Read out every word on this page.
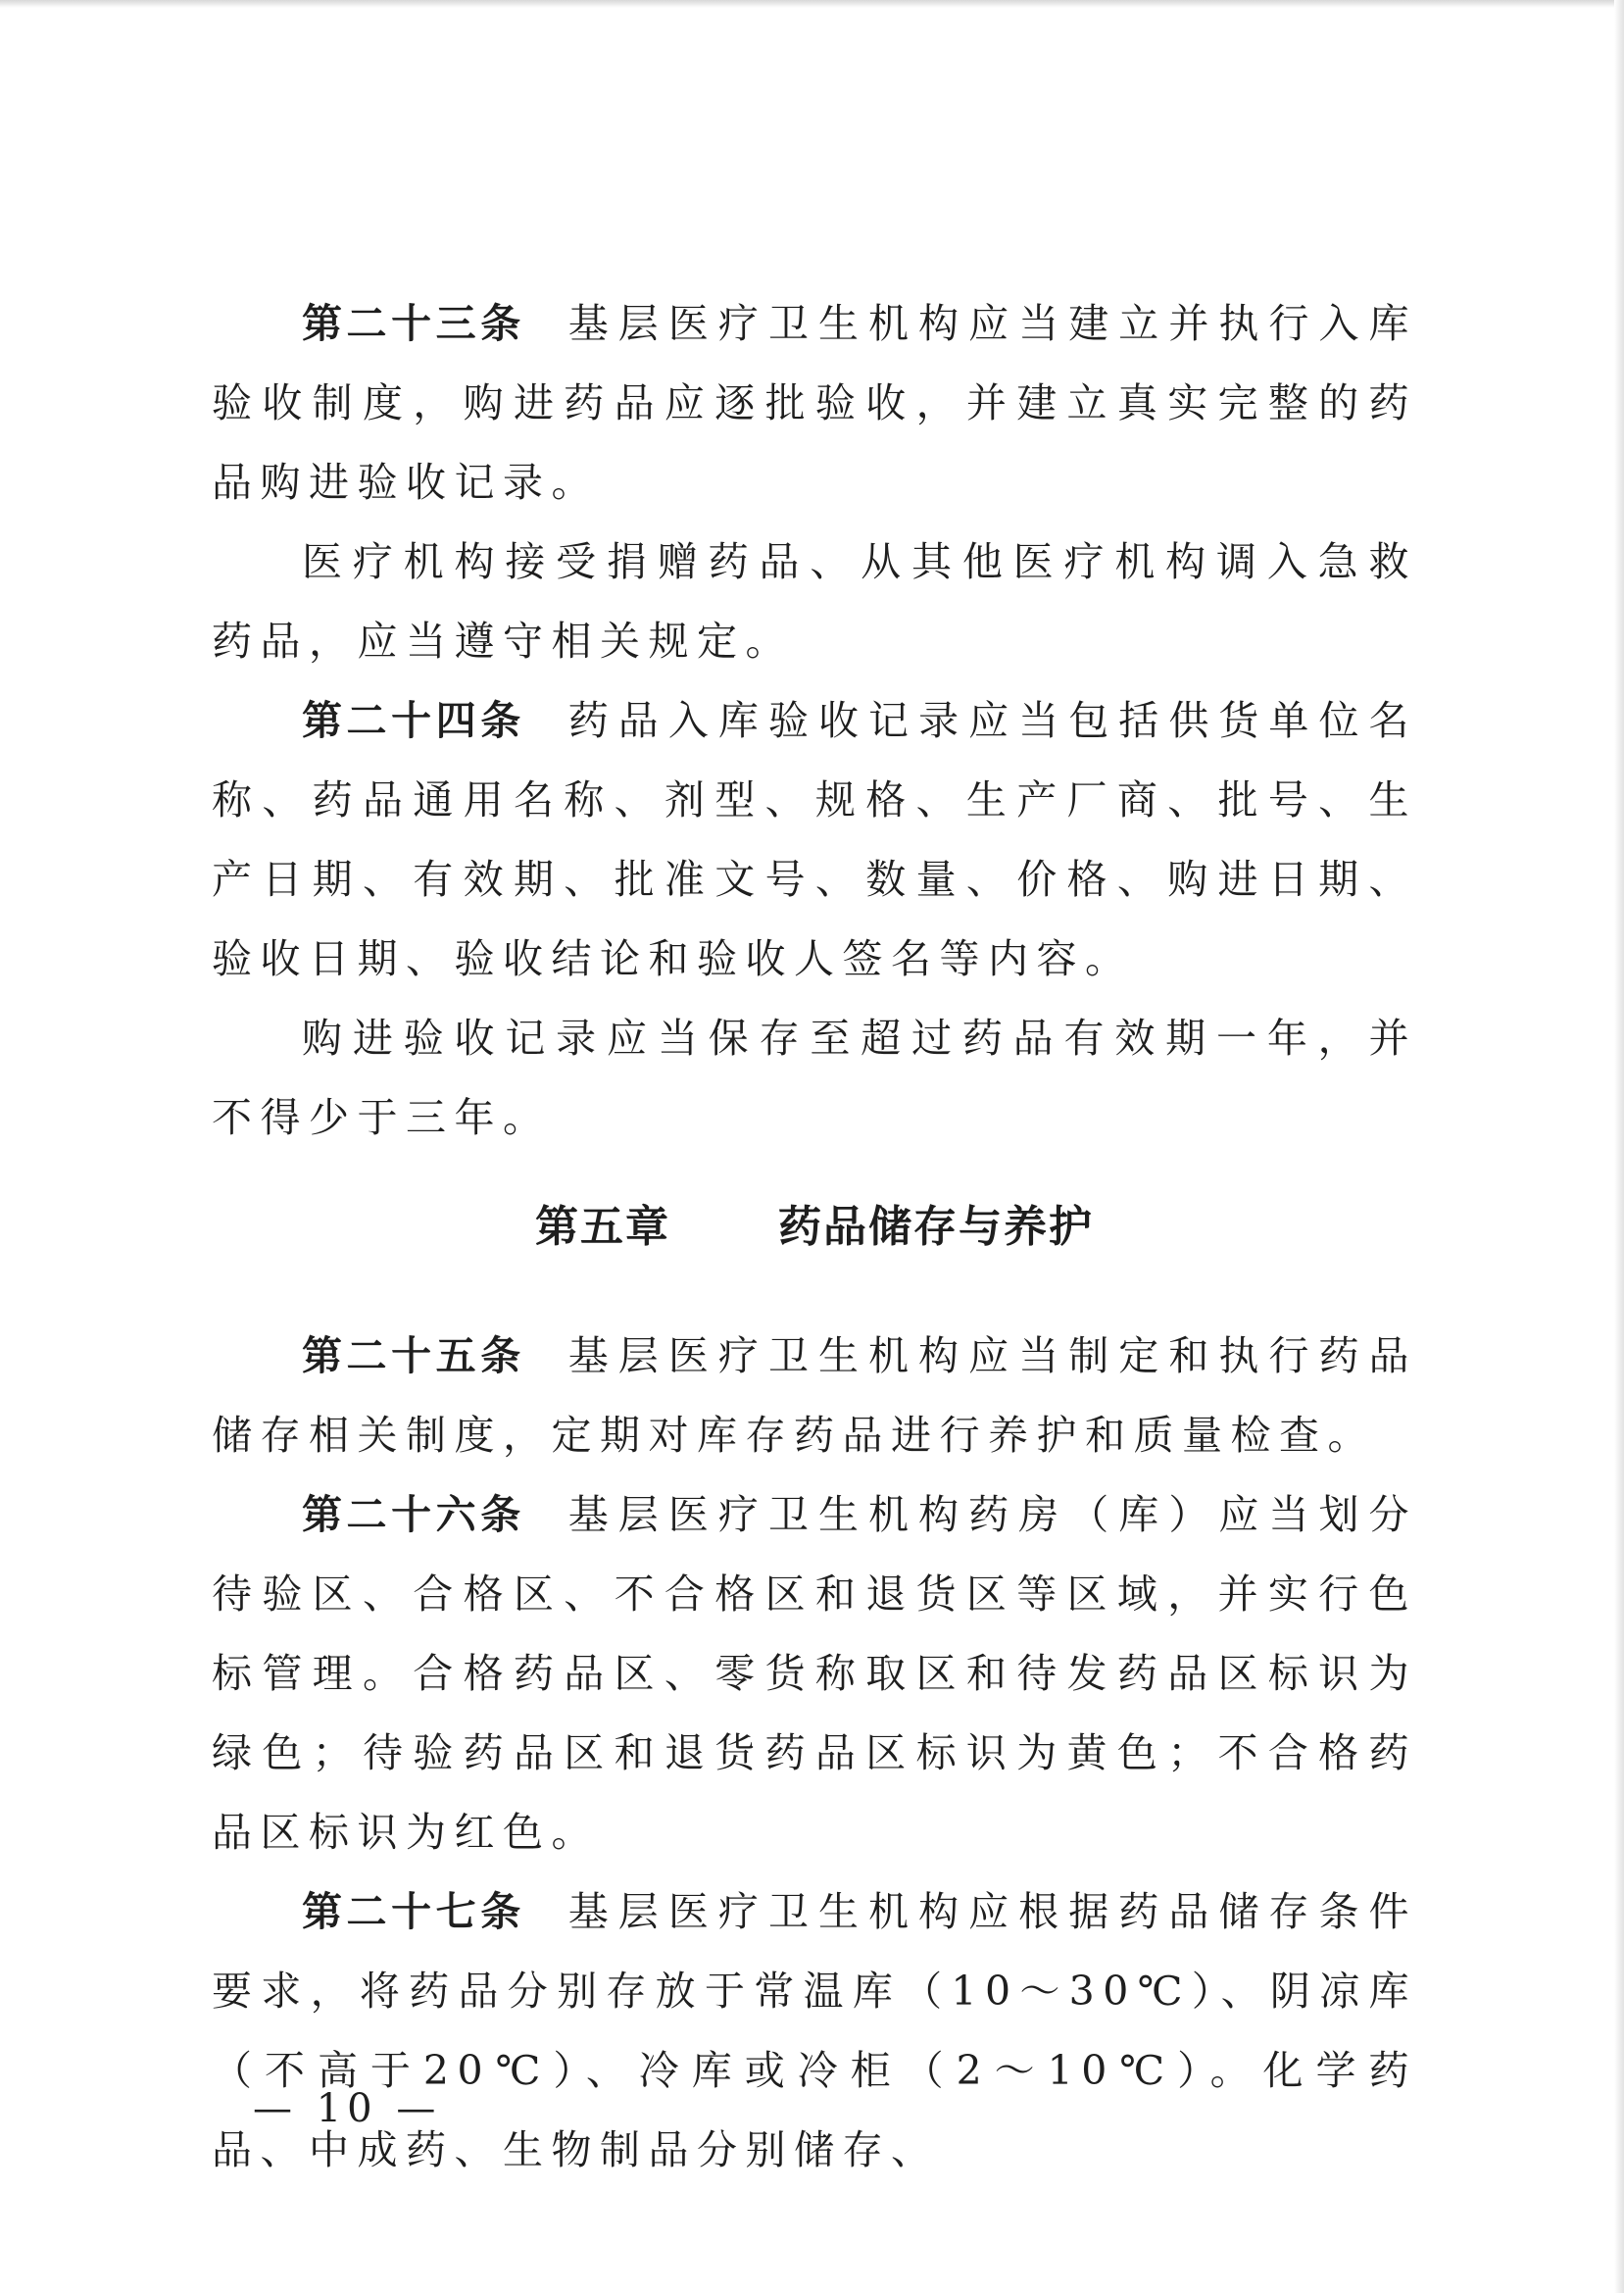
第二十三条 基层医疗卫生机构应当建立并执行入库验收制度，购进药品应逐批验收，并建立真实完整的药品购进验收记录。

医疗机构接受捐赠药品、从其他医疗机构调入急救药品，应当遵守相关规定。

第二十四条 药品入库验收记录应当包括供货单位名称、药品通用名称、剂型、规格、生产厂商、批号、生产日期、有效期、批准文号、数量、价格、购进日期、验收日期、验收结论和验收人签名等内容。

购进验收记录应当保存至超过药品有效期一年，并不得少于三年。

第五章	药品储存与养护

第二十五条 基层医疗卫生机构应当制定和执行药品储存相关制度，定期对库存药品进行养护和质量检查。

第二十六条 基层医疗卫生机构药房（库）应当划分待验区、合格区、不合格区和退货区等区域，并实行色标管理。合格药品区、零货称取区和待发药品区标识为绿色；待验药品区和退货药品区标识为黄色；不合格药品区标识为红色。

第二十七条 基层医疗卫生机构应根据药品储存条件要求，将药品分别存放于常温库（10～30℃）、阴凉库（不高于20℃）、冷库或冷柜（2～10℃）。化学药品、中成药、生物制品分别储存、

— 10 —
